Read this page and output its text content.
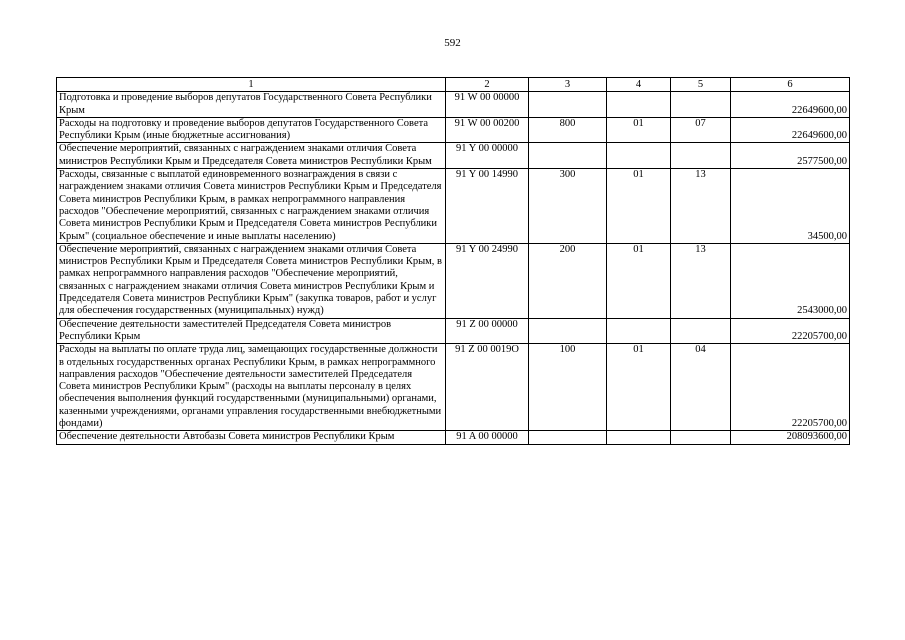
592
1	2	3	4	5	6
Подготовка и проведение выборов депутатов Государственного Совета Республики Крым	91 W 00 00000				22649600,00
Расходы на подготовку и проведение выборов депутатов Государственного Совета Республики Крым (иные бюджетные ассигнования)	91 W 00 00200	800	01	07	22649600,00
Обеспечение мероприятий, связанных с награждением знаками отличия Совета министров Республики Крым и Председателя Совета министров Республики Крым	91 Y 00 00000				2577500,00
Расходы, связанные с выплатой единовременного вознаграждения в связи с награждением знаками отличия Совета министров Республики Крым и Председателя Совета министров Республики Крым, в рамках непрограммного направления расходов "Обеспечение мероприятий, связанных с награждением знаками отличия Совета министров Республики Крым и Председателя Совета министров Республики Крым" (социальное обеспечение и иные выплаты населению)	91 Y 00 14990	300	01	13	34500,00
Обеспечение мероприятий, связанных с награждением знаками отличия Совета министров Республики Крым и Председателя Совета министров Республики Крым, в рамках непрограммного направления расходов "Обеспечение мероприятий, связанных с награждением знаками отличия Совета министров Республики Крым и Председателя Совета министров Республики Крым" (закупка товаров, работ и услуг для обеспечения государственных (муниципальных) нужд)	91 Y 00 24990	200	01	13	2543000,00
Обеспечение деятельности заместителей Председателя Совета министров Республики Крым	91 Z 00 00000				22205700,00
Расходы на выплаты по оплате труда лиц, замещающих государственные должности в отдельных государственных органах Республики Крым, в рамках непрограммного направления расходов "Обеспечение деятельности заместителей Председателя Совета министров Республики Крым" (расходы на выплаты персоналу в целях обеспечения выполнения функций государственными (муниципальными) органами, казенными учреждениями, органами управления государственными внебюджетными фондами)	91 Z 00 0019О	100	01	04	22205700,00
Обеспечение деятельности Автобазы Совета министров Республики Крым	91 A 00 00000				208093600,00
